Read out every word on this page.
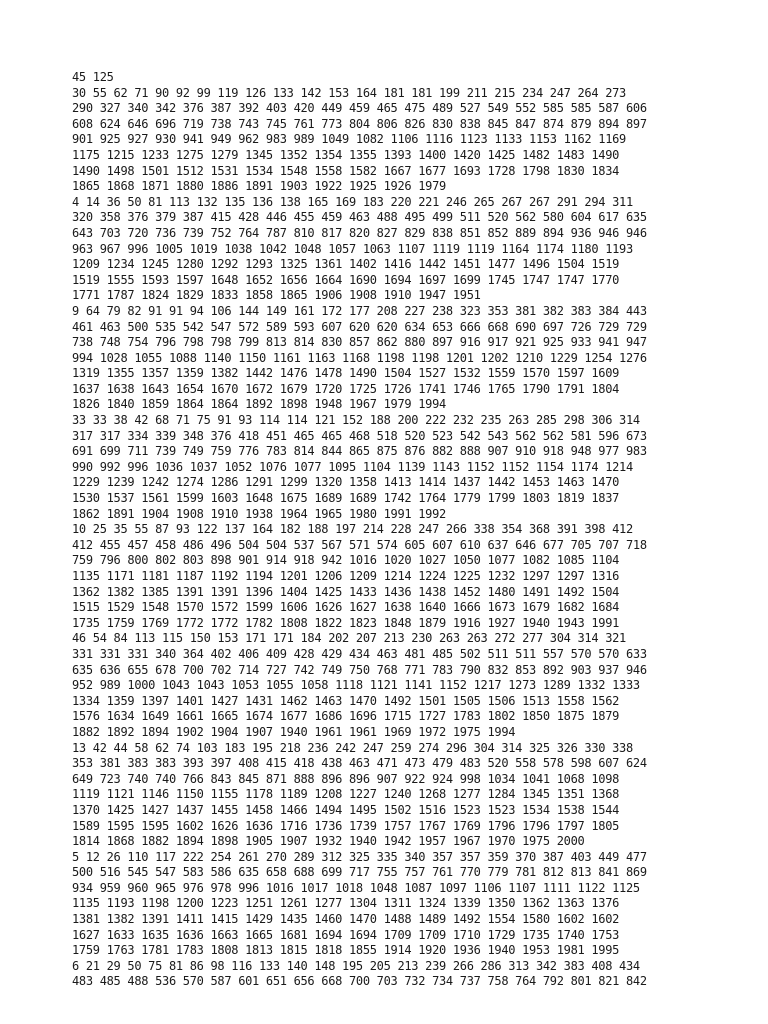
45 125
30 55 62 71 90 92 99 119 126 133 142 153 164 181 181 199 211 215 234 247 264 273
290 327 340 342 376 387 392 403 420 449 459 465 475 489 527 549 552 585 585 587 606
608 624 646 696 719 738 743 745 761 773 804 806 826 830 838 845 847 874 879 894 897
901 925 927 930 941 949 962 983 989 1049 1082 1106 1116 1123 1133 1153 1162 1169
1175 1215 1233 1275 1279 1345 1352 1354 1355 1393 1400 1420 1425 1482 1483 1490
1490 1498 1501 1512 1531 1534 1548 1558 1582 1667 1677 1693 1728 1798 1830 1834
1865 1868 1871 1880 1886 1891 1903 1922 1925 1926 1979
4 14 36 50 81 113 132 135 136 138 165 169 183 220 221 246 265 267 267 291 294 311
320 358 376 379 387 415 428 446 455 459 463 488 495 499 511 520 562 580 604 617 635
643 703 720 736 739 752 764 787 810 817 820 827 829 838 851 852 889 894 936 946 946
963 967 996 1005 1019 1038 1042 1048 1057 1063 1107 1119 1119 1164 1174 1180 1193
1209 1234 1245 1280 1292 1293 1325 1361 1402 1416 1442 1451 1477 1496 1504 1519
1519 1555 1593 1597 1648 1652 1656 1664 1690 1694 1697 1699 1745 1747 1747 1770
1771 1787 1824 1829 1833 1858 1865 1906 1908 1910 1947 1951
9 64 79 82 91 91 94 106 144 149 161 172 177 208 227 238 323 353 381 382 383 384 443
461 463 500 535 542 547 572 589 593 607 620 620 634 653 666 668 690 697 726 729 729
738 748 754 796 798 798 799 813 814 830 857 862 880 897 916 917 921 925 933 941 947
994 1028 1055 1088 1140 1150 1161 1163 1168 1198 1198 1201 1202 1210 1229 1254 1276
1319 1355 1357 1359 1382 1442 1476 1478 1490 1504 1527 1532 1559 1570 1597 1609
1637 1638 1643 1654 1670 1672 1679 1720 1725 1726 1741 1746 1765 1790 1791 1804
1826 1840 1859 1864 1864 1892 1898 1948 1967 1979 1994
33 33 38 42 68 71 75 91 93 114 114 121 152 188 200 222 232 235 263 285 298 306 314
317 317 334 339 348 376 418 451 465 465 468 518 520 523 542 543 562 562 581 596 673
691 699 711 739 749 759 776 783 814 844 865 875 876 882 888 907 910 918 948 977 983
990 992 996 1036 1037 1052 1076 1077 1095 1104 1139 1143 1152 1152 1154 1174 1214
1229 1239 1242 1274 1286 1291 1299 1320 1358 1413 1414 1437 1442 1453 1463 1470
1530 1537 1561 1599 1603 1648 1675 1689 1689 1742 1764 1779 1799 1803 1819 1837
1862 1891 1904 1908 1910 1938 1964 1965 1980 1991 1992
10 25 35 55 87 93 122 137 164 182 188 197 214 228 247 266 338 354 368 391 398 412
412 455 457 458 486 496 504 504 537 567 571 574 605 607 610 637 646 677 705 707 718
759 796 800 802 803 898 901 914 918 942 1016 1020 1027 1050 1077 1082 1085 1104
1135 1171 1181 1187 1192 1194 1201 1206 1209 1214 1224 1225 1232 1297 1297 1316
1362 1382 1385 1391 1391 1396 1404 1425 1433 1436 1438 1452 1480 1491 1492 1504
1515 1529 1548 1570 1572 1599 1606 1626 1627 1638 1640 1666 1673 1679 1682 1684
1735 1759 1769 1772 1772 1782 1808 1822 1823 1848 1879 1916 1927 1940 1943 1991
46 54 84 113 115 150 153 171 171 184 202 207 213 230 263 263 272 277 304 314 321
331 331 331 340 364 402 406 409 428 429 434 463 481 485 502 511 511 557 570 570 633
635 636 655 678 700 702 714 727 742 749 750 768 771 783 790 832 853 892 903 937 946
952 989 1000 1043 1043 1053 1055 1058 1118 1121 1141 1152 1217 1273 1289 1332 1333
1334 1359 1397 1401 1427 1431 1462 1463 1470 1492 1501 1505 1506 1513 1558 1562
1576 1634 1649 1661 1665 1674 1677 1686 1696 1715 1727 1783 1802 1850 1875 1879
1882 1892 1894 1902 1904 1907 1940 1961 1961 1969 1972 1975 1994
13 42 44 58 62 74 103 183 195 218 236 242 247 259 274 296 304 314 325 326 330 338
353 381 383 383 393 397 408 415 418 438 463 471 473 479 483 520 558 578 598 607 624
649 723 740 740 766 843 845 871 888 896 896 907 922 924 998 1034 1041 1068 1098
1119 1121 1146 1150 1155 1178 1189 1208 1227 1240 1268 1277 1284 1345 1351 1368
1370 1425 1427 1437 1455 1458 1466 1494 1495 1502 1516 1523 1523 1534 1538 1544
1589 1595 1595 1602 1626 1636 1716 1736 1739 1757 1767 1769 1796 1796 1797 1805
1814 1868 1882 1894 1898 1905 1907 1932 1940 1942 1957 1967 1970 1975 2000
5 12 26 110 117 222 254 261 270 289 312 325 335 340 357 357 359 370 387 403 449 477
500 516 545 547 583 586 635 658 688 699 717 755 757 761 770 779 781 812 813 841 869
934 959 960 965 976 978 996 1016 1017 1018 1048 1087 1097 1106 1107 1111 1122 1125
1135 1193 1198 1200 1223 1251 1261 1277 1304 1311 1324 1339 1350 1362 1363 1376
1381 1382 1391 1411 1415 1429 1435 1460 1470 1488 1489 1492 1554 1580 1602 1602
1627 1633 1635 1636 1663 1665 1681 1694 1694 1709 1709 1710 1729 1735 1740 1753
1759 1763 1781 1783 1808 1813 1815 1818 1855 1914 1920 1936 1940 1953 1981 1995
6 21 29 50 75 81 86 98 116 133 140 148 195 205 213 239 266 286 313 342 383 408 434
483 485 488 536 570 587 601 651 656 668 700 703 732 734 737 758 764 792 801 821 842
